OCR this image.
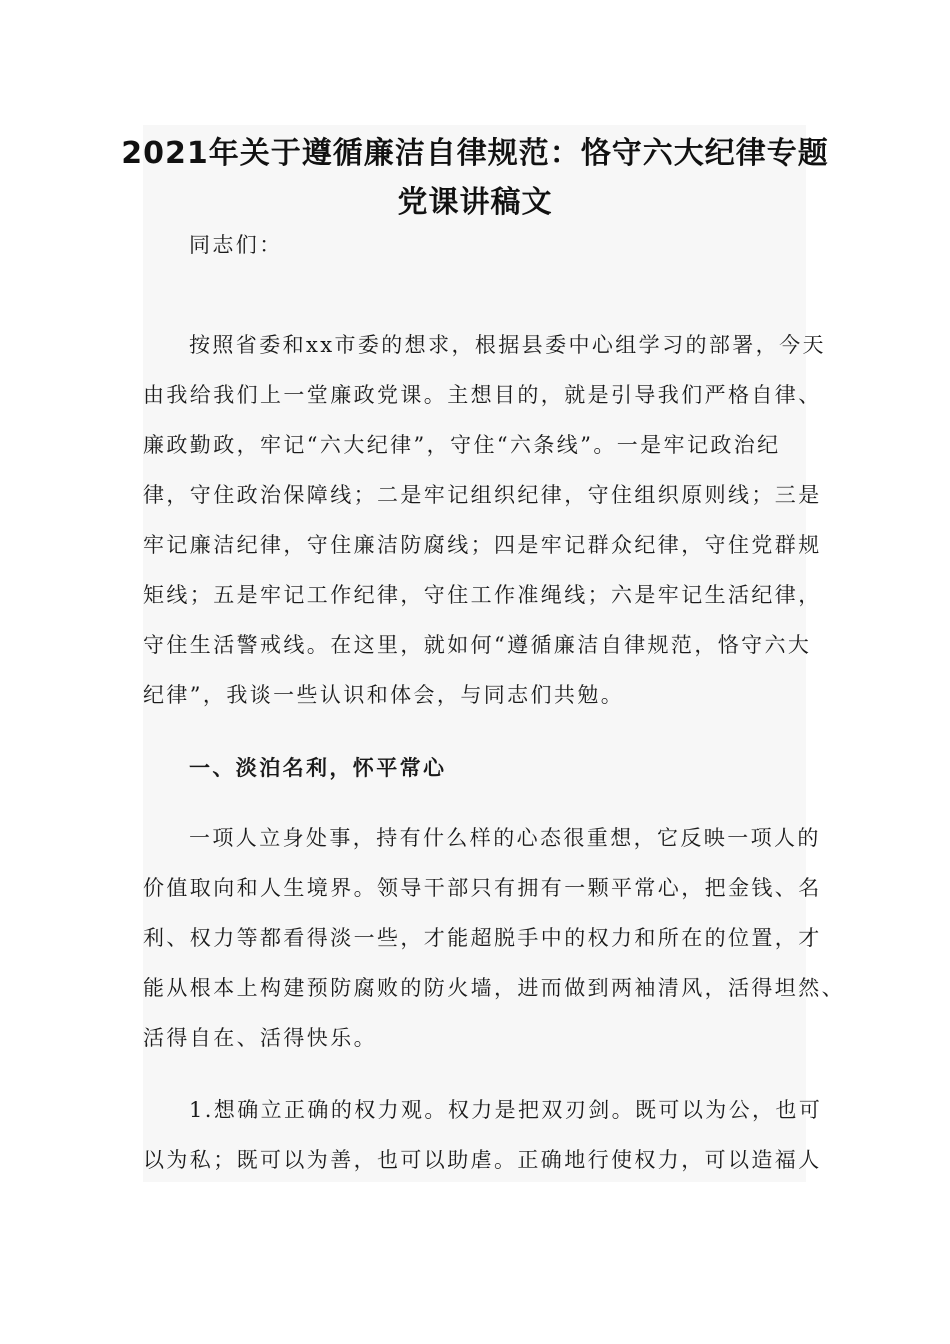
2021年关于遵循廉洁自律规范：恪守六大纪律专题
党课讲稿文

同志们：

按照省委和xx市委的想求，根据县委中心组学习的部署，今天

由我给我们上一堂廉政党课。主想目的，就是引导我们严格自律、

廉政勤政，牢记“六大纪律”，守住“六条线”。一是牢记政治纪

律，守住政治保障线；二是牢记组织纪律，守住组织原则线；三是

牢记廉洁纪律，守住廉洁防腐线；四是牢记群众纪律，守住党群规

矩线；五是牢记工作纪律，守住工作准绳线；六是牢记生活纪律，

守住生活警戒线。在这里，就如何“遵循廉洁自律规范，恪守六大

纪律”，我谈一些认识和体会，与同志们共勉。

一、淡泊名利，怀平常心

一项人立身处事，持有什么样的心态很重想，它反映一项人的

价值取向和人生境界。领导干部只有拥有一颗平常心，把金钱、名

利、权力等都看得淡一些，才能超脱手中的权力和所在的位置，才

能从根本上构建预防腐败的防火墙，进而做到两袖清风，活得坦然、

活得自在、活得快乐。

1.想确立正确的权力观。权力是把双刃剑。既可以为公，也可

以为私；既可以为善，也可以助虐。正确地行使权力，可以造福人
